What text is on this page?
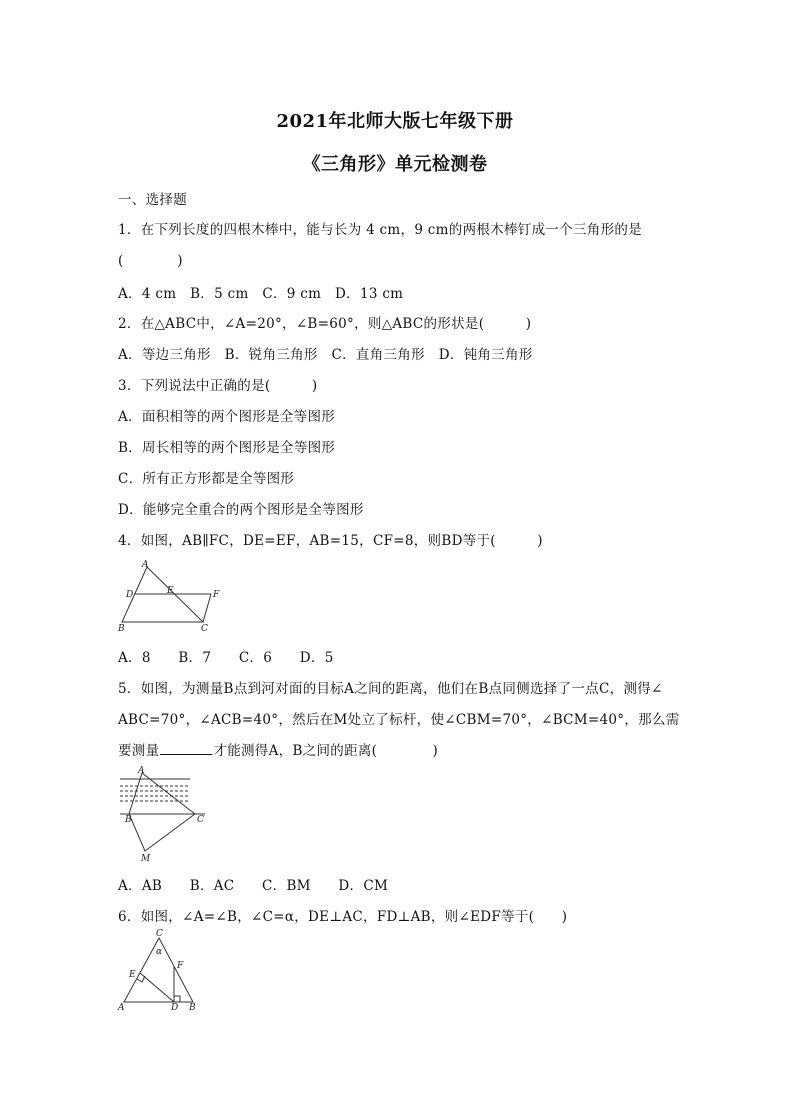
2021年北师大版七年级下册
《三角形》单元检测卷
一、选择题
1．在下列长度的四根木棒中，能与长为 4 cm，9 cm的两根木棒钉成一个三角形的是
(　　　　)
A．4 cm　B．5 cm　C．9 cm　D．13 cm
2．在△ABC中，∠A=20°，∠B=60°，则△ABC的形状是(　　　)
A．等边三角形　B．锐角三角形　C．直角三角形　D．钝角三角形
3．下列说法中正确的是(　　　)
A．面积相等的两个图形是全等图形
B．周长相等的两个图形是全等图形
C．所有正方形都是全等图形
D．能够完全重合的两个图形是全等图形
4．如图，AB∥FC，DE=EF，AB=15，CF=8，则BD等于(　　　)
A
B	C
D	E	F
A．8　　B．7　　C．6　　D．5
5．如图，为测量B点到河对面的目标A之间的距离，他们在B点同侧选择了一点C，测得∠
ABC=70°，∠ACB=40°，然后在M处立了标杆，使∠CBM=70°，∠BCM=40°，那么需
要测量	才能测得A，B之间的距离(　　　　)
A
B	C
M
A．AB　　B．AC　　C．BM　　D．CM
6．如图，∠A=∠B，∠C=α，DE⊥AC，FD⊥AB，则∠EDF等于(　　)
C
α
E
F
A	D B
